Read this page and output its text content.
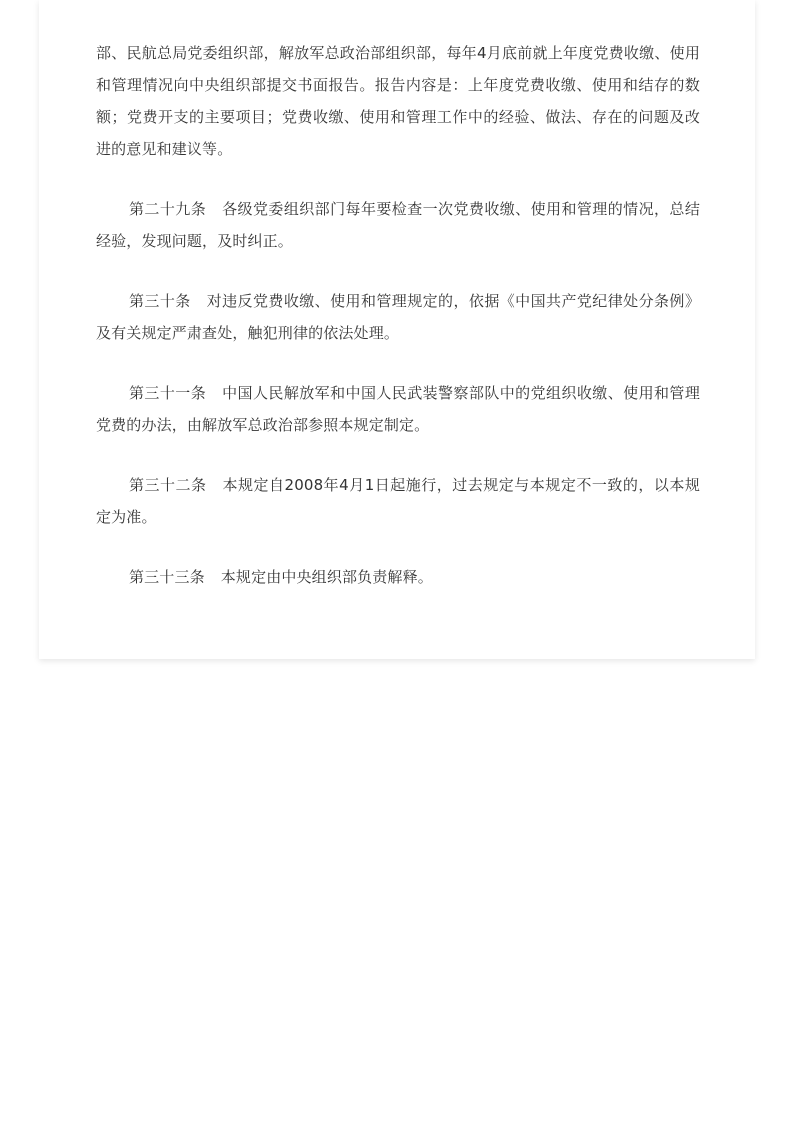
部、民航总局党委组织部，解放军总政治部组织部，每年4月底前就上年度党费收缴、使用和管理情况向中央组织部提交书面报告。报告内容是：上年度党费收缴、使用和结存的数额；党费开支的主要项目；党费收缴、使用和管理工作中的经验、做法、存在的问题及改进的意见和建议等。

第二十九条 各级党委组织部门每年要检查一次党费收缴、使用和管理的情况，总结经验，发现问题，及时纠正。

第三十条 对违反党费收缴、使用和管理规定的，依据《中国共产党纪律处分条例》及有关规定严肃查处，触犯刑律的依法处理。

第三十一条 中国人民解放军和中国人民武装警察部队中的党组织收缴、使用和管理党费的办法，由解放军总政治部参照本规定制定。

第三十二条 本规定自2008年4月1日起施行，过去规定与本规定不一致的，以本规定为准。

第三十三条 本规定由中央组织部负责解释。
